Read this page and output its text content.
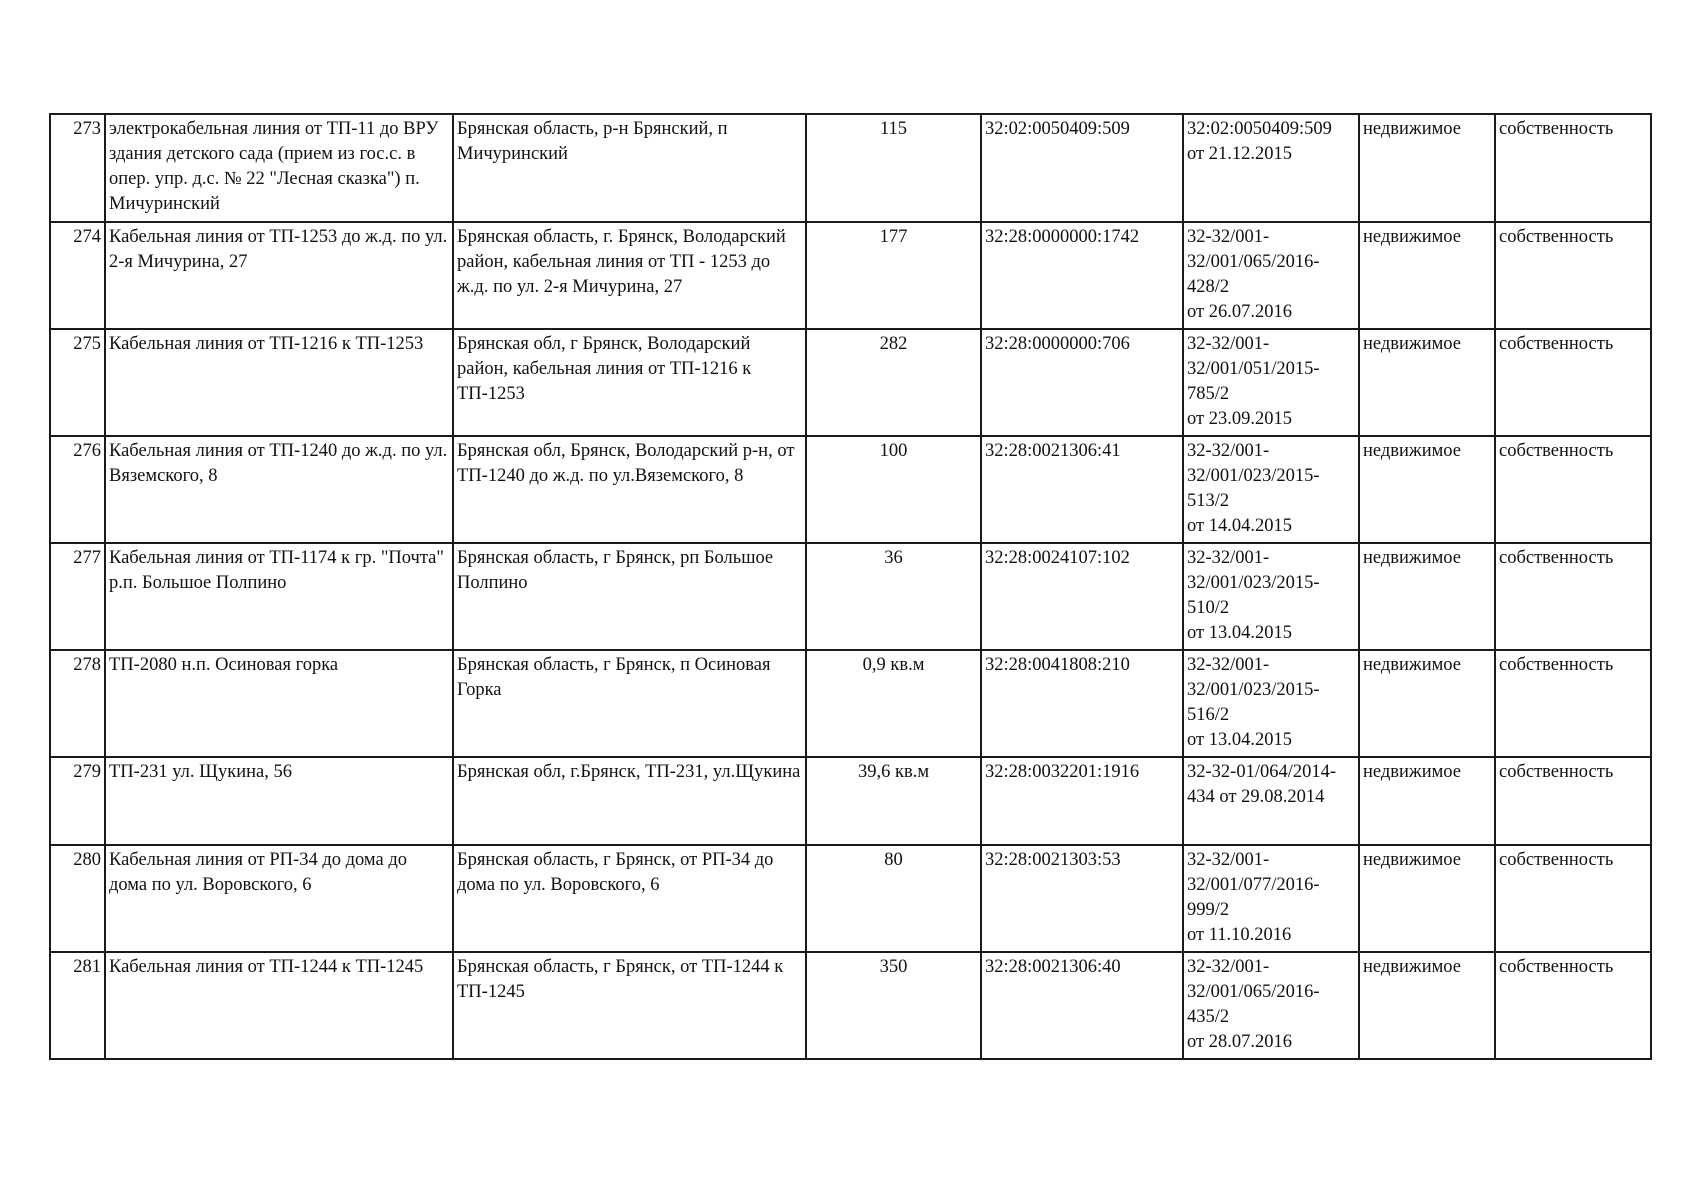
273	электрокабельная линия от ТП-11 до ВРУ здания детского сада (прием из гос.с. в опер. упр. д.с. № 22 "Лесная сказка") п. Мичуринский	Брянская область, р-н Брянский, п Мичуринский	115	32:02:0050409:509	32:02:0050409:509
от 21.12.2015	недвижимое	собственность
274	Кабельная линия от ТП-1253 до ж.д. по ул. 2-я Мичурина, 27	Брянская область, г. Брянск, Володарский район, кабельная линия от ТП - 1253 до ж.д. по ул. 2-я Мичурина, 27	177	32:28:0000000:1742	32-32/001-
32/001/065/2016-
428/2
от 26.07.2016	недвижимое	собственность
275	Кабельная линия от ТП-1216 к ТП-1253	Брянская обл, г Брянск, Володарский район, кабельная линия от ТП-1216 к ТП-1253	282	32:28:0000000:706	32-32/001-
32/001/051/2015-
785/2
от 23.09.2015	недвижимое	собственность
276	Кабельная линия от ТП-1240 до ж.д. по ул. Вяземского, 8	Брянская обл, Брянск, Володарский р-н, от ТП-1240 до ж.д. по ул.Вяземского, 8	100	32:28:0021306:41	32-32/001-
32/001/023/2015-
513/2
от 14.04.2015	недвижимое	собственность
277	Кабельная линия от ТП-1174 к гр. "Почта" р.п. Большое Полпино	Брянская область, г Брянск, рп Большое Полпино	36	32:28:0024107:102	32-32/001-
32/001/023/2015-
510/2
от 13.04.2015	недвижимое	собственность
278	ТП-2080 н.п. Осиновая горка	Брянская область, г Брянск, п Осиновая Горка	0,9 кв.м	32:28:0041808:210	32-32/001-
32/001/023/2015-
516/2
от 13.04.2015	недвижимое	собственность
279	ТП-231 ул. Щукина, 56	Брянская обл, г.Брянск, ТП-231, ул.Щукина	39,6 кв.м	32:28:0032201:1916	32-32-01/064/2014-
434 от 29.08.2014	недвижимое	собственность
280	Кабельная линия от РП-34 до дома до дома по ул. Воровского, 6	Брянская область, г Брянск, от РП-34 до дома по ул. Воровского, 6	80	32:28:0021303:53	32-32/001-
32/001/077/2016-
999/2
от 11.10.2016	недвижимое	собственность
281	Кабельная линия от ТП-1244 к ТП-1245	Брянская область, г Брянск, от ТП-1244 к ТП-1245	350	32:28:0021306:40	32-32/001-
32/001/065/2016-
435/2
от 28.07.2016	недвижимое	собственность
